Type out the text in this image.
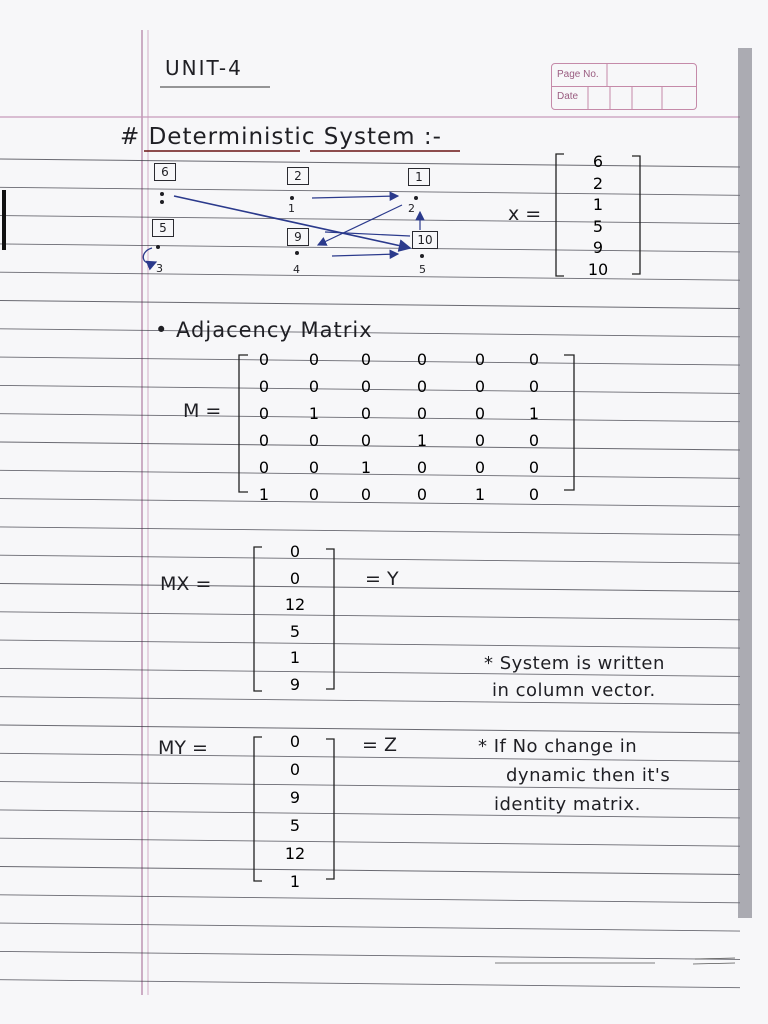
UNIT-4	Page No.
Date
# Deterministic System :-
6	2
1
1
2
5
3
9
4
10
5
x =
6
2
1
5
9
10
• Adjacency Matrix
M =
0	0	0	0	0	0
0	0	0	0	0	0
0	1	0	0	0	1
0	0	0	1	0	0
0	0	1	0	0	0
1	0	0	0	1	0
MX =
0
0
12
5
1
9
= Y
MY =	0
0
9
5
12
1
= Z
* System is written
in column vector.
* If No change in
dynamic then it's
identity matrix.
